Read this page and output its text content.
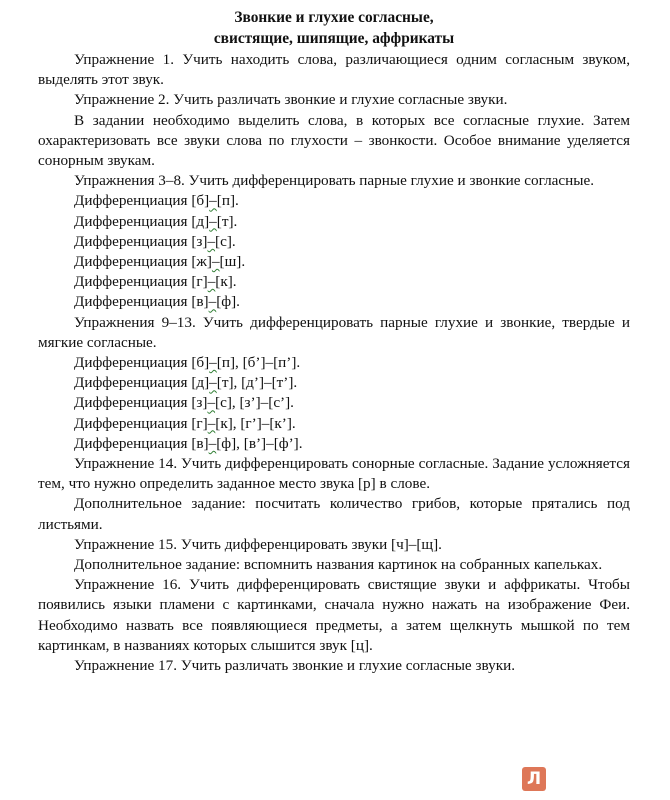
Звонкие и глухие согласные,
свистящие, шипящие, аффрикаты

Упражнение 1. Учить находить слова, различающиеся одним согласным звуком, выделять этот звук.

Упражнение 2. Учить различать звонкие и глухие согласные звуки.

В задании необходимо выделить слова, в которых все согласные глухие. Затем охарактеризовать все звуки слова по глухости – звонкости. Особое внимание уделяется сонорным звукам.

Упражнения 3–8. Учить дифференцировать парные глухие и звонкие согласные.

Дифференциация [б]–[п].

Дифференциация [д]–[т].

Дифференциация [з]–[с].

Дифференциация [ж]–[ш].

Дифференциация [г]–[к].

Дифференциация [в]–[ф].

Упражнения 9–13. Учить дифференцировать парные глухие и звонкие, твердые и мягкие согласные.

Дифференциация [б]–[п], [б’]–[п’].

Дифференциация [д]–[т], [д’]–[т’].

Дифференциация [з]–[с], [з’]–[с’].

Дифференциация [г]–[к], [г’]–[к’].

Дифференциация [в]–[ф], [в’]–[ф’].

Упражнение 14. Учить дифференцировать сонорные согласные. Задание усложняется тем, что нужно определить заданное место звука [р] в слове.

Дополнительное задание: посчитать количество грибов, которые прятались под листьями.

Упражнение 15. Учить дифференцировать звуки [ч]–[щ].

Дополнительное задание: вспомнить названия картинок на собранных капельках.

Упражнение 16. Учить дифференцировать свистящие звуки и аффрикаты. Чтобы появились языки пламени с картинками, сначала нужно нажать на изображение Феи. Необходимо назвать все появляющиеся предметы, а затем щелкнуть мышкой по тем картинкам, в названиях которых слышится звук [ц].

Упражнение 17. Учить различать звонкие и глухие согласные звуки.

Л
